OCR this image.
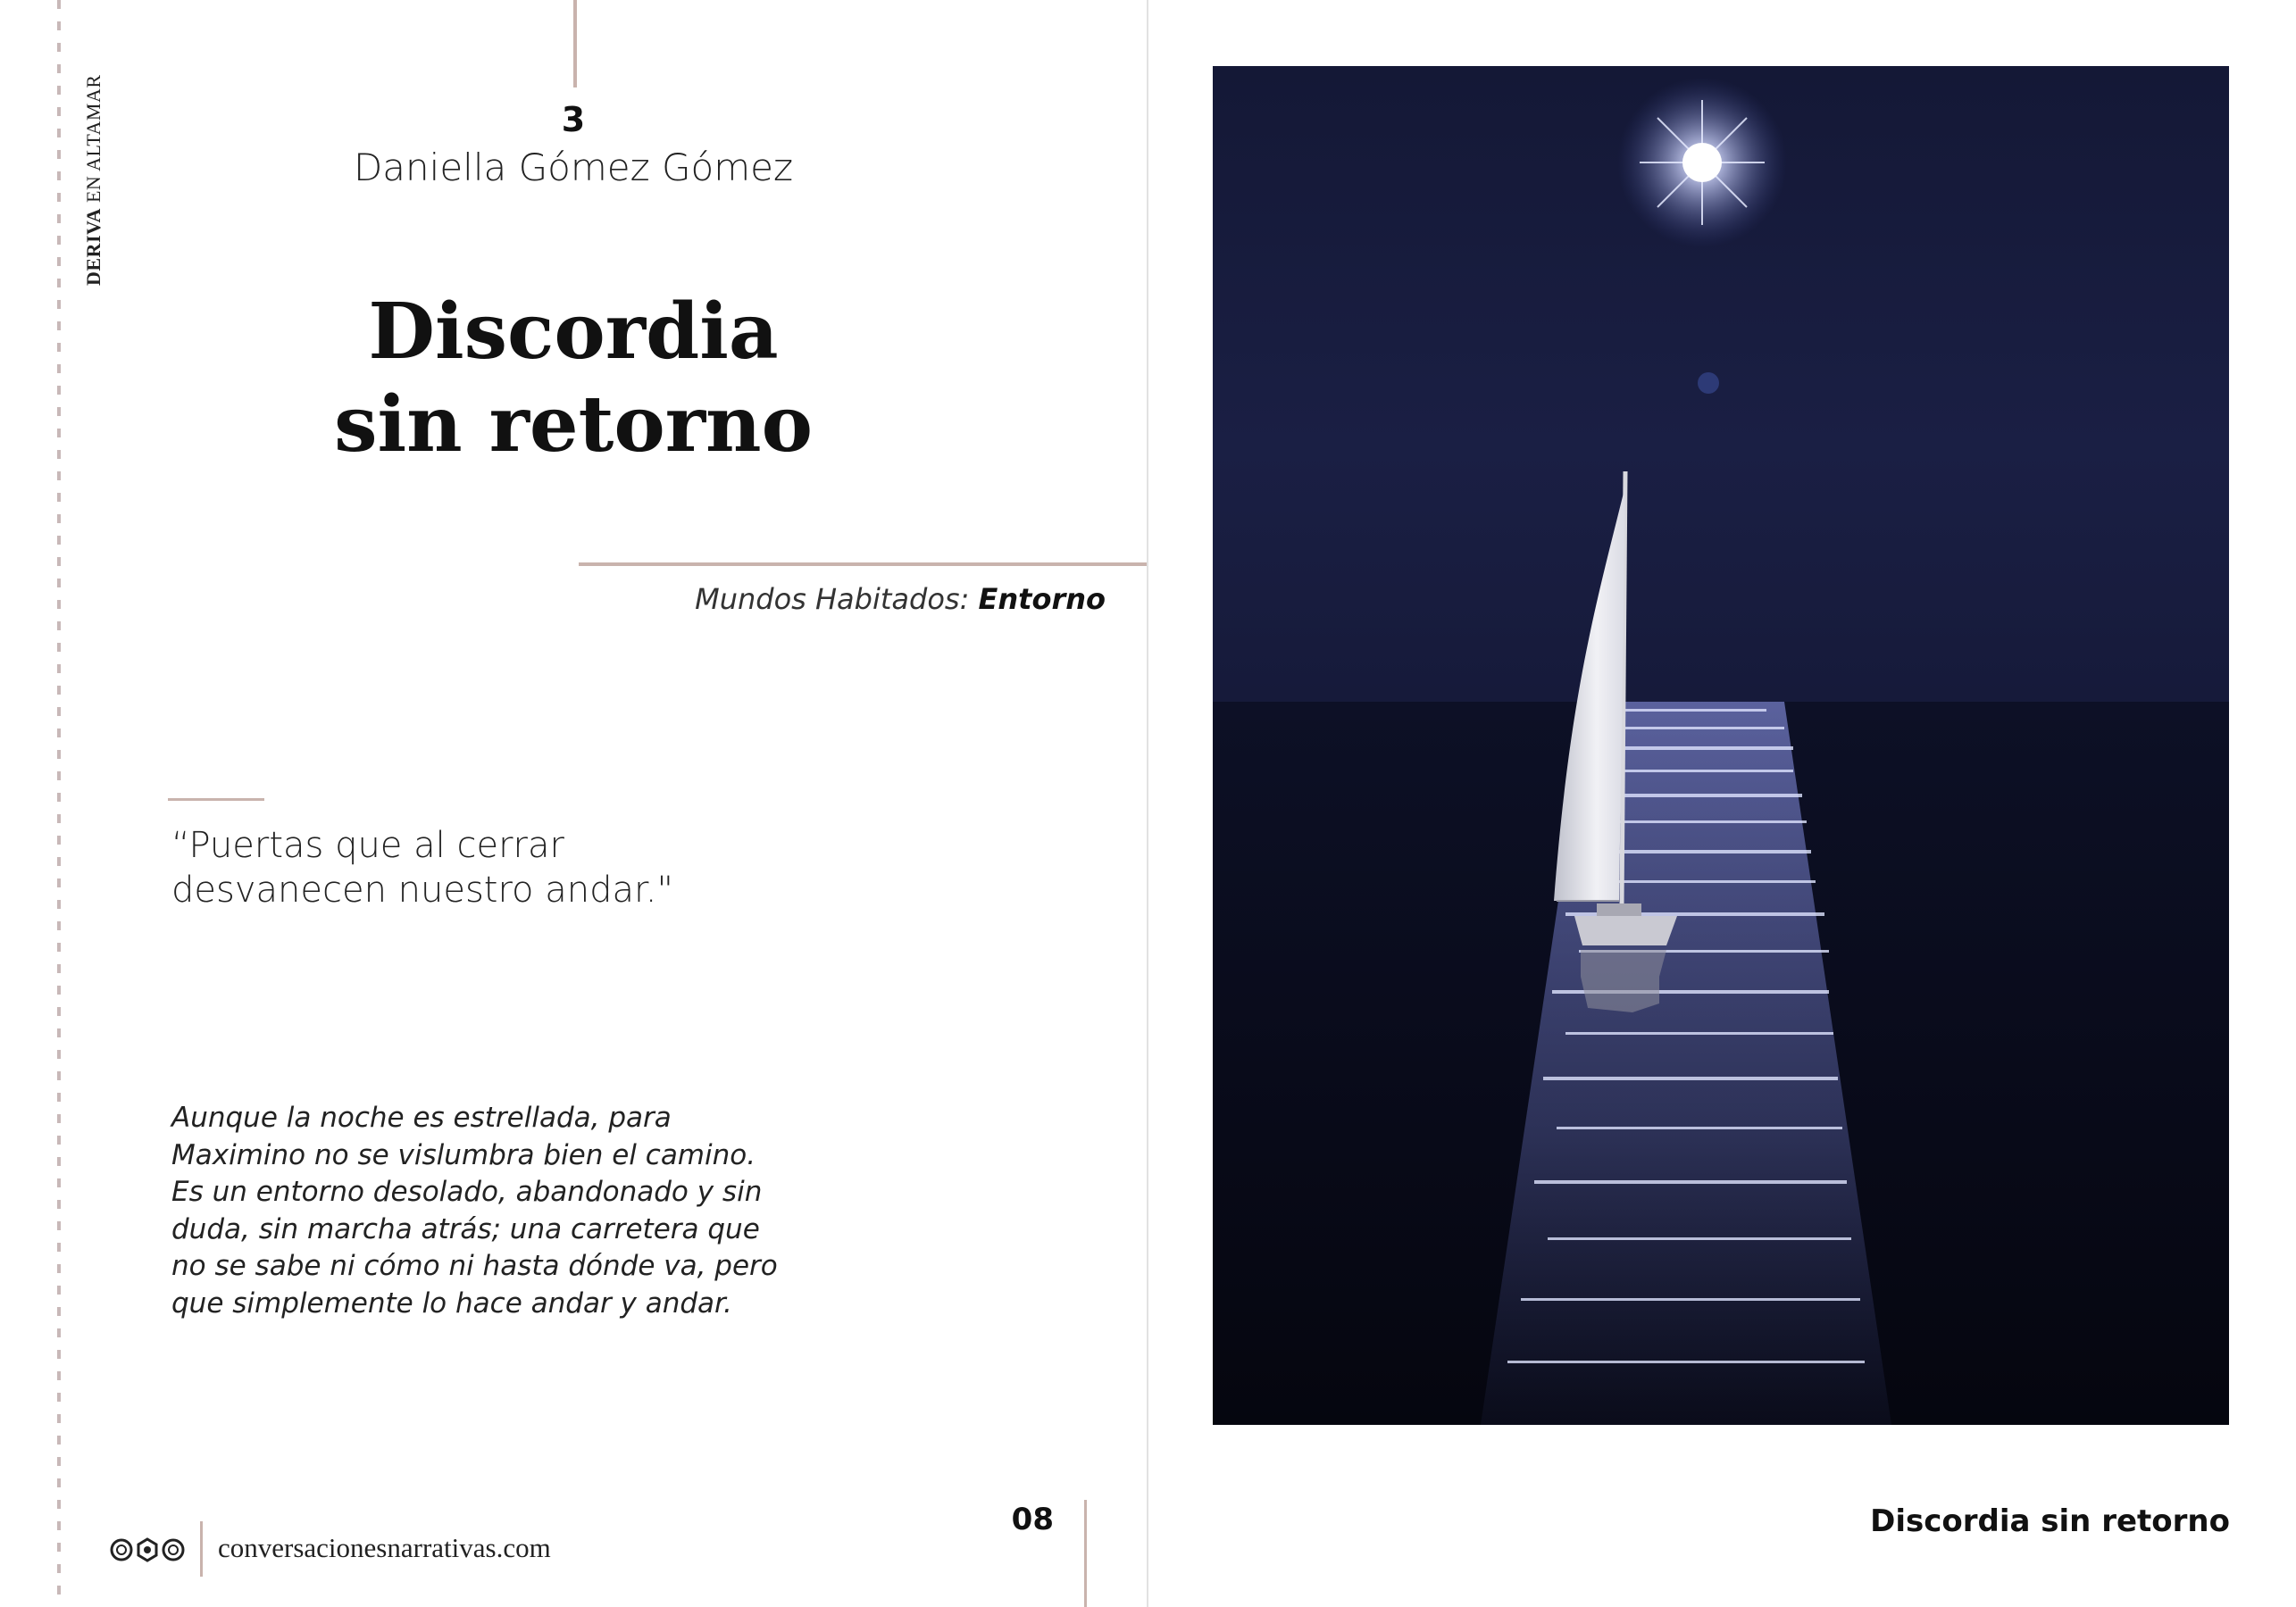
DERIVA EN ALTAMAR	3
Daniella Gómez Gómez
Discordia
sin retorno
Mundos Habitados: Entorno
“Puertas que al cerrar
desvanecen nuestro andar."
Aunque la noche es estrellada, para
Maximino no se vislumbra bien el camino.
Es un entorno desolado, abandonado y sin
duda, sin marcha atrás; una carretera que
no se sabe ni cómo ni hasta dónde va, pero
que simplemente lo hace andar y andar.
conversacionesnarrativas.com
08	Discordia sin retorno
